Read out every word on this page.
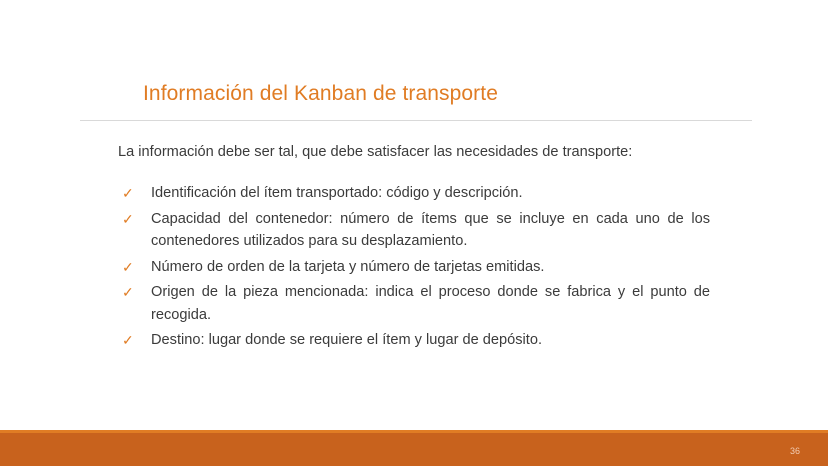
Información del Kanban de transporte

La información debe ser tal, que debe satisfacer las necesidades de transporte:

✓ Identificación del ítem transportado: código y descripción.
✓ Capacidad del contenedor: número de ítems que se incluye en cada uno de los contenedores utilizados para su desplazamiento.
✓ Número de orden de la tarjeta y número de tarjetas emitidas.
✓ Origen de la pieza mencionada: indica el proceso donde se fabrica y el punto de recogida.
✓ Destino: lugar donde se requiere el ítem y lugar de depósito.
36
